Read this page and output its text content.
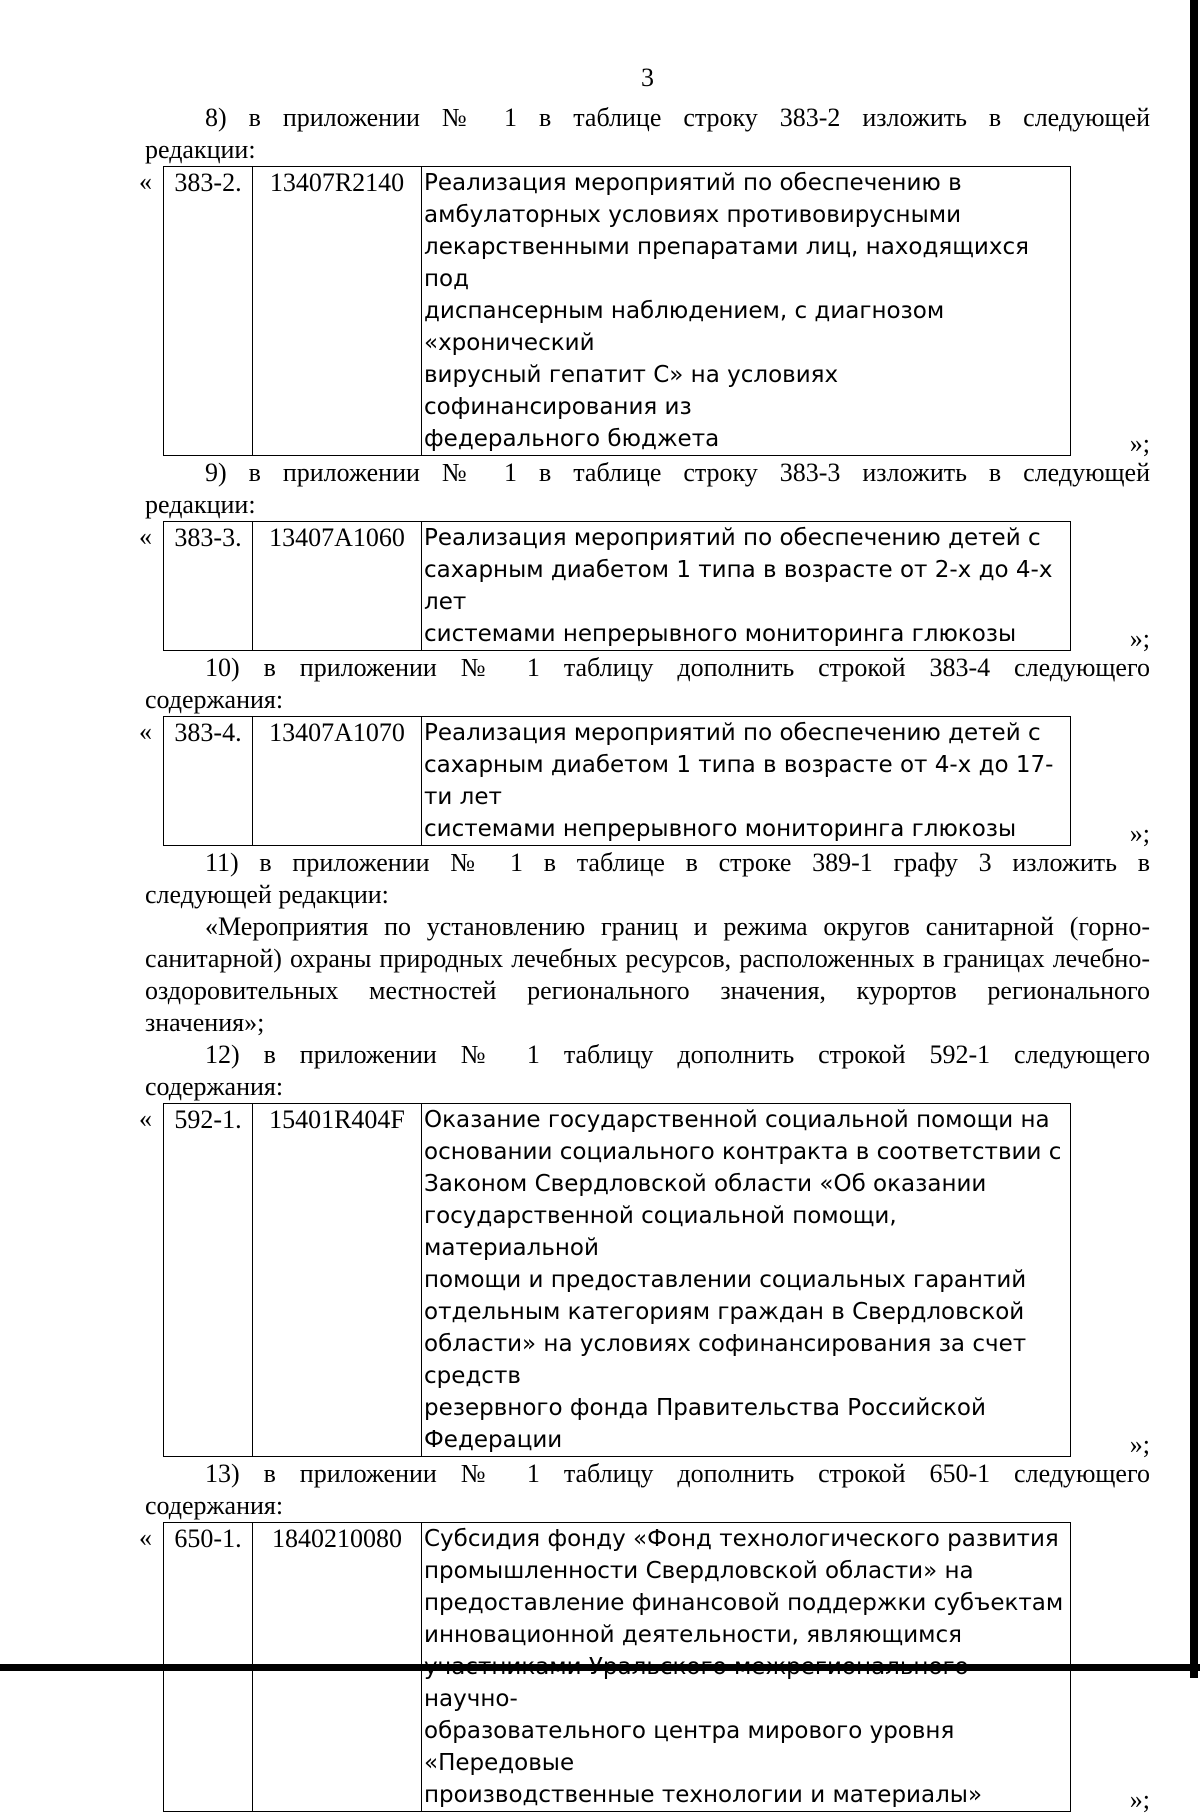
3

8) в приложении № 1 в таблице строку 383-2 изложить в следующей

редакции:

« 383-2.	13407R2140	Реализация мероприятий по обеспечению в
амбулаторных условиях противовирусными
лекарственными препаратами лиц, находящихся под
диспансерным наблюдением, с диагнозом «хронический
вирусный гепатит С» на условиях софинансирования из
федерального бюджета	»;

9) в приложении № 1 в таблице строку 383-3 изложить в следующей

редакции:

« 383-3.	13407A1060	Реализация мероприятий по обеспечению детей с
сахарным диабетом 1 типа в возрасте от 2-х до 4-х лет
системами непрерывного мониторинга глюкозы	»;

10) в приложении № 1 таблицу дополнить строкой 383-4 следующего

содержания:

« 383-4.	13407A1070	Реализация мероприятий по обеспечению детей с
сахарным диабетом 1 типа в возрасте от 4-х до 17-ти лет
системами непрерывного мониторинга глюкозы	»;

11) в приложении № 1 в таблице в строке 389-1 графу 3 изложить в

следующей редакции:

«Мероприятия по установлению границ и режима округов санитарной (горно-санитарной) охраны природных лечебных ресурсов, расположенных в границах лечебно-оздоровительных местностей регионального значения, курортов регионального значения»;

12) в приложении № 1 таблицу дополнить строкой 592-1 следующего

содержания:

« 592-1.	15401R404F	Оказание государственной социальной помощи на
основании социального контракта в соответствии с
Законом Свердловской области «Об оказании
государственной социальной помощи, материальной
помощи и предоставлении социальных гарантий
отдельным категориям граждан в Свердловской
области» на условиях софинансирования за счет средств
резервного фонда Правительства Российской
Федерации	»;

13) в приложении № 1 таблицу дополнить строкой 650-1 следующего

содержания:

« 650-1.	1840210080	Субсидия фонду «Фонд технологического развития
промышленности Свердловской области» на
предоставление финансовой поддержки субъектам
инновационной деятельности, являющимся
участниками Уральского межрегионального научно-
образовательного центра мирового уровня «Передовые
производственные технологии и материалы»	»;
